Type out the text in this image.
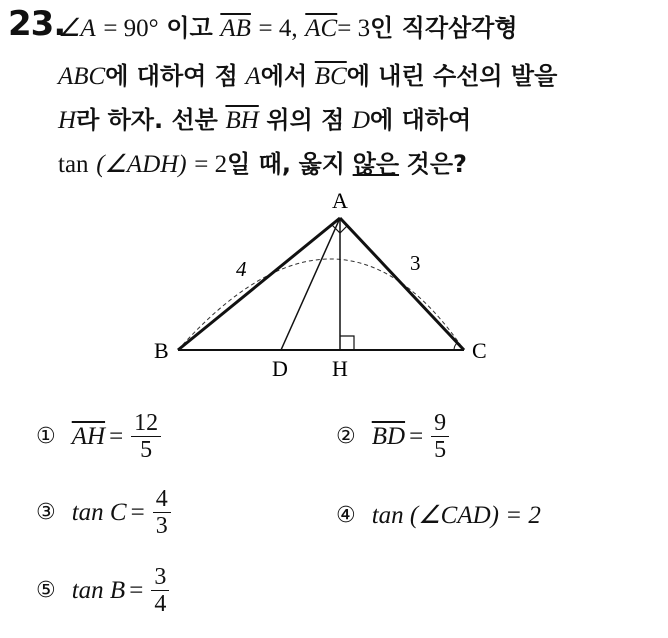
23.
∠A = 90° 이고 $\overline{AB} = 4$, $\overline{AC}= 3$인 직각삼각형
ABC에 대하여 점 A에서 $\overline{BC}$에 내린 수선의 발을
H라 하자. 선분 $\overline{BH}$ 위의 점 D에 대하여
tan (∠ADH) = 2일 때, 옳지 않은 것은?
A
B	C
D H
4	3
① $\overline{AH} = \frac{12}{5}$	② $\overline{BD} = \frac{9}{5}$
③ $\tan C = \frac{4}{3}$	④ tan (∠CAD) = 2
⑤ $\tan B = \frac{3}{4}$
